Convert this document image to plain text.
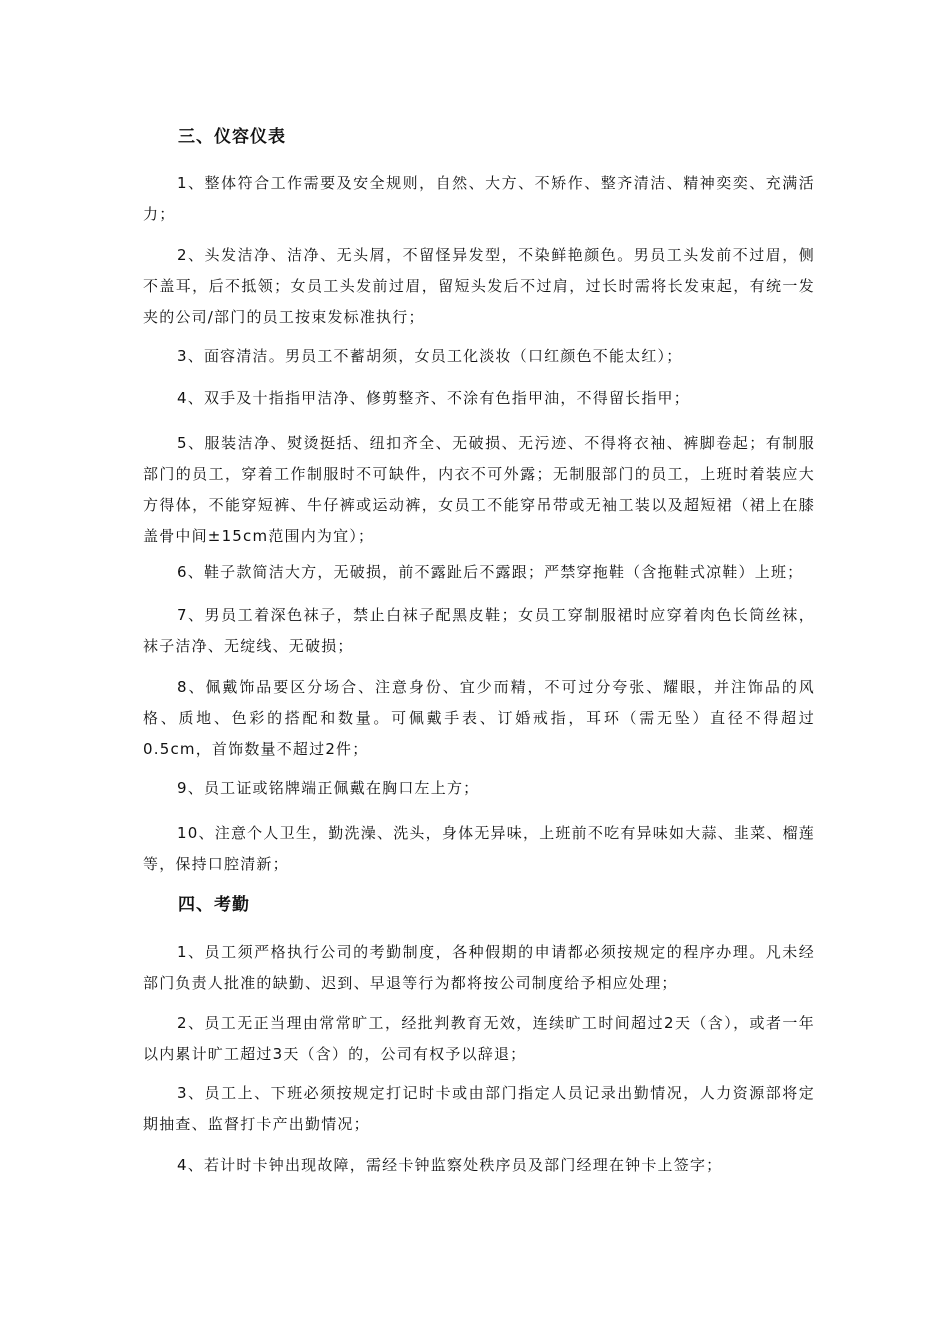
三、仪容仪表
1、整体符合工作需要及安全规则，自然、大方、不矫作、整齐清洁、精神奕奕、充满活力；
2、头发洁净、洁净、无头屑，不留怪异发型，不染鲜艳颜色。男员工头发前不过眉，侧不盖耳，后不抵领；女员工头发前过眉，留短头发后不过肩，过长时需将长发束起，有统一发夹的公司/部门的员工按束发标准执行；
3、面容清洁。男员工不蓄胡须，女员工化淡妆（口红颜色不能太红）；
4、双手及十指指甲洁净、修剪整齐、不涂有色指甲油，不得留长指甲；
5、服装洁净、熨烫挺括、纽扣齐全、无破损、无污迹、不得将衣袖、裤脚卷起；有制服部门的员工，穿着工作制服时不可缺件，内衣不可外露；无制服部门的员工，上班时着装应大方得体，不能穿短裤、牛仔裤或运动裤，女员工不能穿吊带或无袖工装以及超短裙（裙上在膝盖骨中间±15cm范围内为宜）；
6、鞋子款简洁大方，无破损，前不露趾后不露跟；严禁穿拖鞋（含拖鞋式凉鞋）上班；
7、男员工着深色袜子，禁止白袜子配黑皮鞋；女员工穿制服裙时应穿着肉色长筒丝袜，袜子洁净、无绽线、无破损；
8、佩戴饰品要区分场合、注意身份、宜少而精，不可过分夸张、耀眼，并注饰品的风格、质地、色彩的搭配和数量。可佩戴手表、订婚戒指，耳环（需无坠）直径不得超过0.5cm，首饰数量不超过2件；
9、员工证或铭牌端正佩戴在胸口左上方；
10、注意个人卫生，勤洗澡、洗头，身体无异味，上班前不吃有异味如大蒜、韭菜、榴莲等，保持口腔清新；
四、考勤
1、员工须严格执行公司的考勤制度，各种假期的申请都必须按规定的程序办理。凡未经部门负责人批准的缺勤、迟到、早退等行为都将按公司制度给予相应处理；
2、员工无正当理由常常旷工，经批判教育无效，连续旷工时间超过2天（含），或者一年以内累计旷工超过3天（含）的，公司有权予以辞退；
3、员工上、下班必须按规定打记时卡或由部门指定人员记录出勤情况，人力资源部将定期抽查、监督打卡产出勤情况；
4、若计时卡钟出现故障，需经卡钟监察处秩序员及部门经理在钟卡上签字；
